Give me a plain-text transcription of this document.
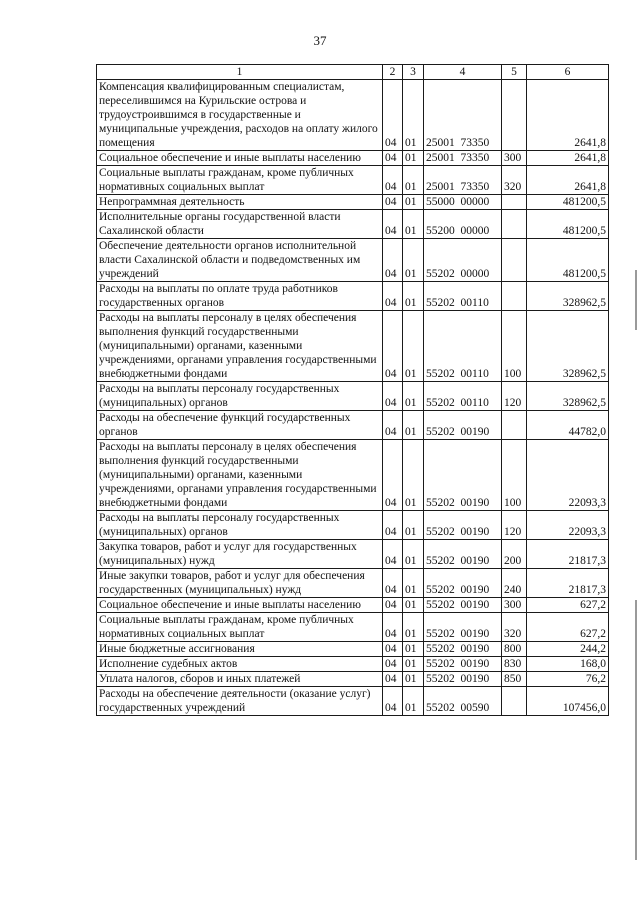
37
1	2	3	4	5	6
Компенсация квалифицированным специалистам, переселившимся на Курильские острова и трудоустроившимся в государственные и муниципальные учреждения, расходов на оплату жилого помещения	04	01	25001  73350		2641,8
Социальное обеспечение и иные выплаты населению	04	01	25001  73350	300	2641,8
Социальные выплаты гражданам, кроме публичных нормативных социальных выплат	04	01	25001  73350	320	2641,8
Непрограммная деятельность	04	01	55000  00000		481200,5
Исполнительные органы государственной власти Сахалинской области	04	01	55200  00000		481200,5
Обеспечение деятельности органов исполнительной власти Сахалинской области и подведомственных им учреждений	04	01	55202  00000		481200,5
Расходы на выплаты по оплате труда работников государственных органов	04	01	55202  00110		328962,5
Расходы на выплаты персоналу в целях обеспечения выполнения функций государственными (муниципальными) органами, казенными учреждениями, органами управления государственными внебюджетными фондами	04	01	55202  00110	100	328962,5
Расходы на выплаты персоналу государственных (муниципальных) органов	04	01	55202  00110	120	328962,5
Расходы на обеспечение функций государственных органов	04	01	55202  00190		44782,0
Расходы на выплаты персоналу в целях обеспечения выполнения функций государственными (муниципальными) органами, казенными учреждениями, органами управления государственными внебюджетными фондами	04	01	55202  00190	100	22093,3
Расходы на выплаты персоналу государственных (муниципальных) органов	04	01	55202  00190	120	22093,3
Закупка товаров, работ и услуг для государственных (муниципальных) нужд	04	01	55202  00190	200	21817,3
Иные закупки товаров, работ и услуг для обеспечения государственных (муниципальных) нужд	04	01	55202  00190	240	21817,3
Социальное обеспечение и иные выплаты населению	04	01	55202  00190	300	627,2
Социальные выплаты гражданам, кроме публичных нормативных социальных выплат	04	01	55202  00190	320	627,2
Иные бюджетные ассигнования	04	01	55202  00190	800	244,2
Исполнение судебных актов	04	01	55202  00190	830	168,0
Уплата налогов, сборов и иных платежей	04	01	55202  00190	850	76,2
Расходы на обеспечение деятельности (оказание услуг) государственных учреждений	04	01	55202  00590		107456,0
